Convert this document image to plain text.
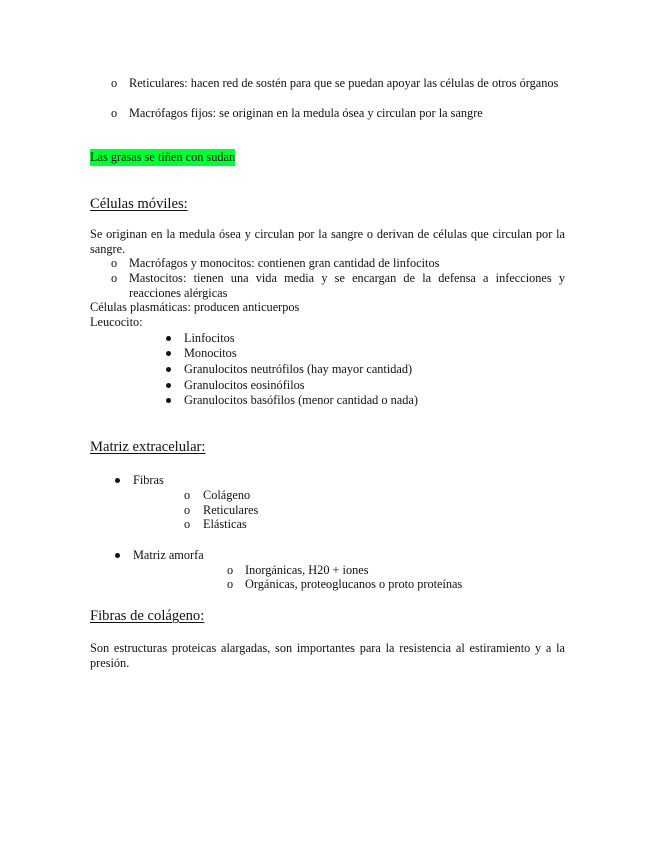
o Reticulares: hacen red de sostén para que se puedan apoyar las células de otros órganos
o Macrófagos fijos: se originan en la medula ósea y circulan por la sangre
Las grasas se tiñen con sudan
Células móviles:
Se originan en la medula ósea y circulan por la sangre o derivan de células que circulan por la sangre.
o Macrófagos y monocitos: contienen gran cantidad de linfocitos
o Mastocitos: tienen una vida media y se encargan de la defensa a infecciones y reacciones alérgicas
Células plasmáticas: producen anticuerpos
Leucocito:
Linfocitos
Monocitos
Granulocitos neutrófilos (hay mayor cantidad)
Granulocitos eosinófilos
Granulocitos basófilos (menor cantidad o nada)
Matriz extracelular:
Fibras
o Colágeno
o Reticulares
o Elásticas
Matriz amorfa
o Inorgánicas, H20 + iones
o Orgánicas, proteoglucanos o proto proteínas
Fibras de colágeno:
Son estructuras proteicas alargadas, son importantes para la resistencia al estiramiento y a la presión.
